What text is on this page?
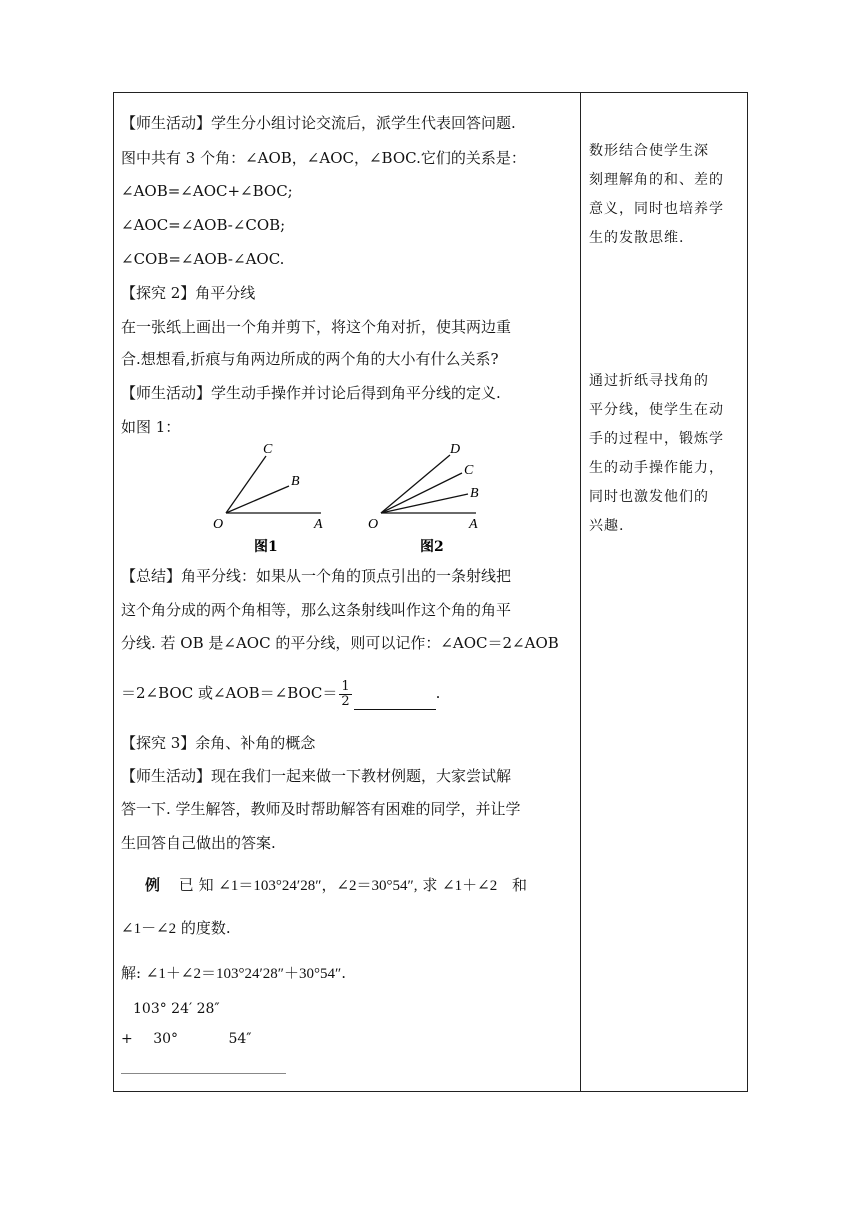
【师生活动】学生分小组讨论交流后，派学生代表回答问题.
图中共有 3 个角：∠AOB，∠AOC，∠BOC.它们的关系是：
∠AOB=∠AOC+∠BOC;
∠AOC=∠AOB-∠COB;
∠COB=∠AOB-∠AOC.
【探究 2】角平分线
在一张纸上画出一个角并剪下，将这个角对折，使其两边重
合.想想看,折痕与角两边所成的两个角的大小有什么关系?
【师生活动】学生动手操作并讨论后得到角平分线的定义.
如图 1：
O	A
B
C
图1
O	A
B
C
D
图2
【总结】角平分线：如果从一个角的顶点引出的一条射线把
这个角分成的两个角相等，那么这条射线叫作这个角的角平
分线. 若 OB 是∠AOC 的平分线，则可以记作：∠AOC＝2∠AOB
＝2∠BOC 或∠AOB＝∠BOC＝ $\frac{1}{2}$	.
【探究 3】余角、补角的概念
【师生活动】现在我们一起来做一下教材例题，大家尝试解
答一下. 学生解答，教师及时帮助解答有困难的同学，并让学
生回答自己做出的答案.
例 已 知 ∠1＝103°24′28″，∠2＝30°54″, 求 ∠1＋∠2 和
∠1－∠2 的度数.
解: ∠1＋∠2＝103°24′28″＋30°54″.
103° 24′ 28″
+ 30°	54″
数形结合使学生深
刻理解角的和、差的
意义，同时也培养学
生的发散思维.
通过折纸寻找角的
平分线，使学生在动
手的过程中，锻炼学
生的动手操作能力，
同时也激发他们的
兴趣.
